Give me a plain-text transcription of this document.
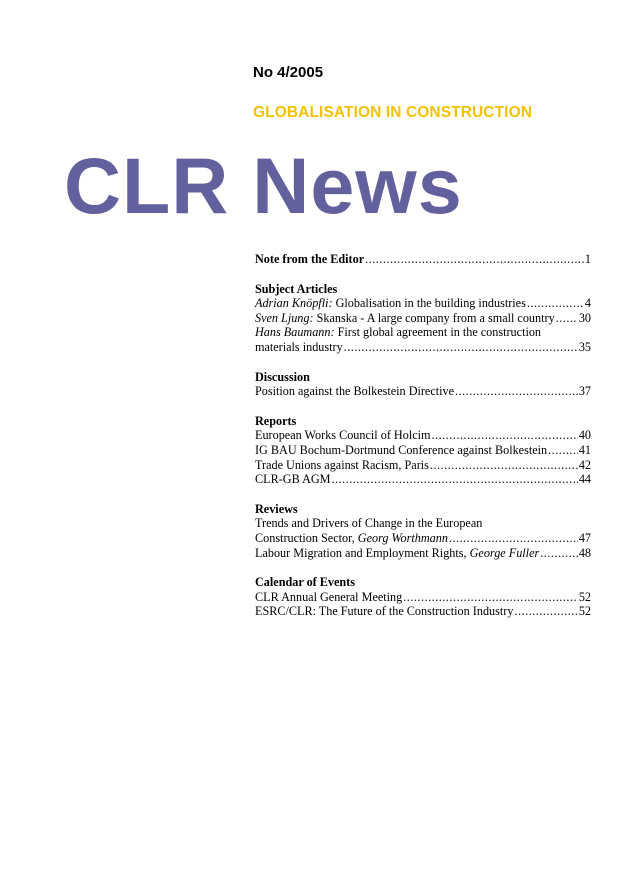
No 4/2005
GLOBALISATION IN CONSTRUCTION
CLR News
Note from the Editor .....	1
Subject Articles
Adrian Knöpfli: Globalisation in the building industries .....	4
Sven Ljung: Skanska - A large company from a small country ..... 30
Hans Baumann: First global agreement in the construction
materials industry .....	35
Discussion
Position against the Bolkestein Directive .....	37
Reports
European Works Council of Holcim .....	40
IG BAU Bochum-Dortmund Conference against Bolkestein .....	41
Trade Unions against Racism, Paris .....	42
CLR-GB AGM .....	44
Reviews
Trends and Drivers of Change in the European
Construction Sector, Georg Worthmann .....	47
Labour Migration and Employment Rights, George Fuller .....	48
Calendar of Events
CLR Annual General Meeting .....	52
ESRC/CLR: The Future of the Construction Industry .....	52
